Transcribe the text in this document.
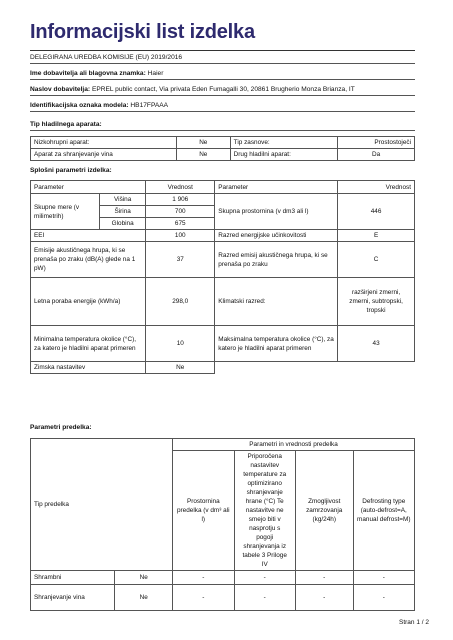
Informacijski list izdelka
DELEGIRANA UREDBA KOMISIJE (EU) 2019/2016
Ime dobavitelja ali blagovna znamka: Haier
Naslov dobavitelja: EPREL public contact, Via privata Eden Fumagalli 30, 20861 Brugherio Monza Brianza, IT
Identifikacijska oznaka modela: HB17FPAAA
Tip hladilnega aparata:
Nizkohrupni aparat:	Ne	Tip zasnove:	Prostostoječi
Aparat za shranjevanje vina	Ne	Drug hladilni aparat:	Da
Splošni parametri izdelka:
Parameter		Vrednost	Parameter	Vrednost
Skupne mere (v milimetrih)	Višina	1 906	Skupna prostornina (v dm3 ali l)	446
	Širina	700		
	Globina	675		
EEI		100	Razred energijske učinkovitosti	E
Emisije akustičnega hrupa, ki se prenaša po zraku (dB(A) glede na 1 pW)		37	Razred emisij akustičnega hrupa, ki se prenaša po zraku	C
Letna poraba energije (kWh/a)		298,0	Klimatski razred:	razširjeni zmerni, zmerni, subtropski, tropski
Minimalna temperatura okolice (°C), za katero je hladilni aparat primeren		10	Maksimalna temperatura okolice (°C), za katero je hladilni aparat primeren	43
Zimska nastavitev		Ne		
Parametri predelka:
Tip predelka		Parametri in vrednosti predelka			
		Prostornina predelka (v dm³ ali l)	Priporočena nastavitev temperature za optimizirano shranjevanje hrane (°C) Te nastavitve ne smejo biti v nasprotju s pogoji shranjevanja iz tabele 3 Priloge IV	Zmogljivost zamrzovanja (kg/24h)	Defrosting type (auto-defrost=A, manual defrost=M)
Shrambni	Ne	-	-	-	-
Shranjevanje vina	Ne	-	-	-	-
Stran 1 / 2
